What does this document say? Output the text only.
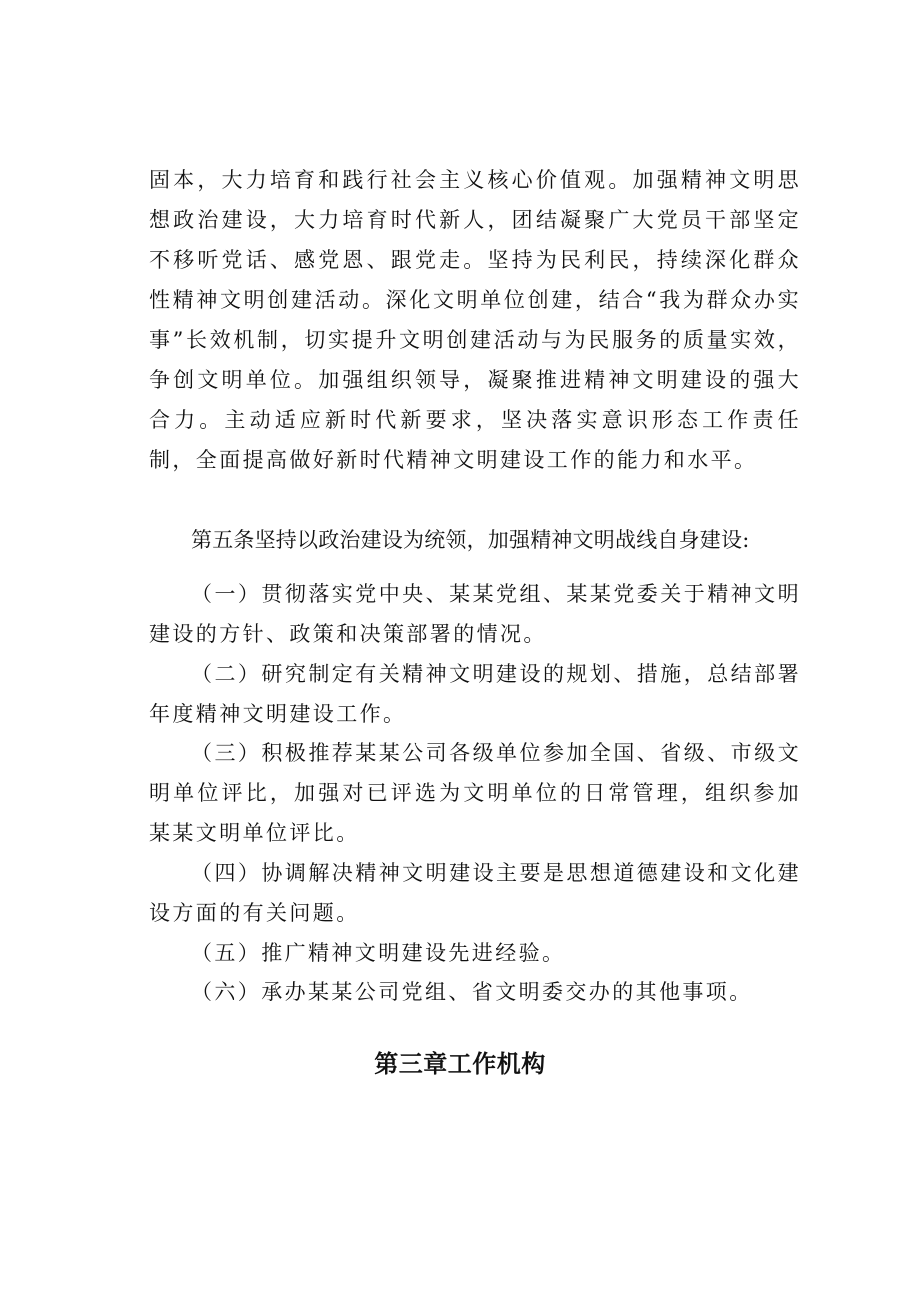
固本，大力培育和践行社会主义核心价值观。加强精神文明思想政治建设，大力培育时代新人，团结凝聚广大党员干部坚定不移听党话、感党恩、跟党走。坚持为民利民，持续深化群众性精神文明创建活动。深化文明单位创建，结合“我为群众办实事”长效机制，切实提升文明创建活动与为民服务的质量实效，争创文明单位。加强组织领导，凝聚推进精神文明建设的强大合力。主动适应新时代新要求，坚决落实意识形态工作责任制，全面提高做好新时代精神文明建设工作的能力和水平。

第五条坚持以政治建设为统领，加强精神文明战线自身建设:

（一）贯彻落实党中央、某某党组、某某党委关于精神文明建设的方针、政策和决策部署的情况。

（二）研究制定有关精神文明建设的规划、措施，总结部署年度精神文明建设工作。

（三）积极推荐某某公司各级单位参加全国、省级、市级文明单位评比，加强对已评选为文明单位的日常管理，组织参加某某文明单位评比。

（四）协调解决精神文明建设主要是思想道德建设和文化建设方面的有关问题。

（五）推广精神文明建设先进经验。

（六）承办某某公司党组、省文明委交办的其他事项。

第三章工作机构
